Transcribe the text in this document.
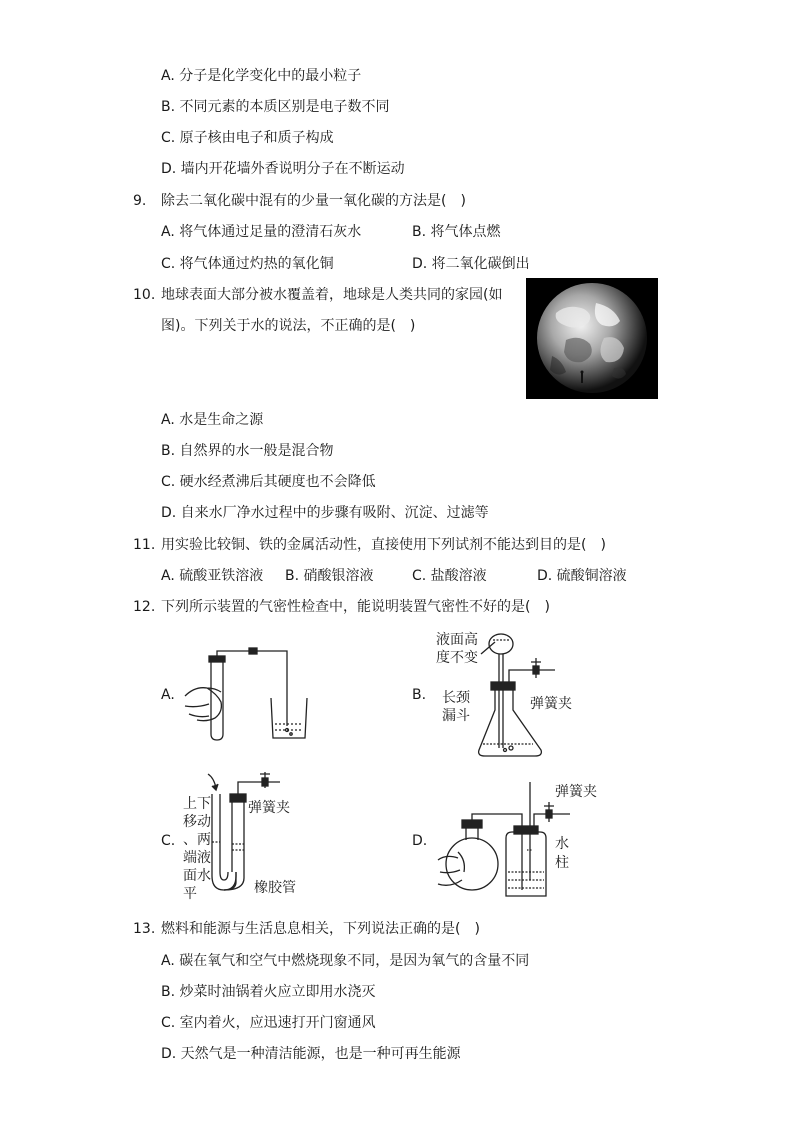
A. 分子是化学变化中的最小粒子
B. 不同元素的本质区别是电子数不同
C. 原子核由电子和质子构成
D. 墙内开花墙外香说明分子在不断运动
9. 除去二氧化碳中混有的少量一氧化碳的方法是(　)
A. 将气体通过足量的澄清石灰水	B. 将气体点燃
C. 将气体通过灼热的氧化铜	D. 将二氧化碳倒出
10. 地球表面大部分被水覆盖着，地球是人类共同的家园(如
图)。下列关于水的说法，不正确的是(　)
A. 水是生命之源
B. 自然界的水一般是混合物
C. 硬水经煮沸后其硬度也不会降低
D. 自来水厂净水过程中的步骤有吸附、沉淀、过滤等
11. 用实验比较铜、铁的金属活动性，直接使用下列试剂不能达到目的是(　)
A. 硫酸亚铁溶液 B. 硝酸银溶液	C. 盐酸溶液	D. 硫酸铜溶液
12. 下列所示装置的气密性检查中，能说明装置气密性不好的是(　)
A.	B.
液面高
度不变
长颈
漏斗
弹簧夹
C.
上下
移动
、两
端液
面水
平
弹簧夹
橡胶管
D.
弹簧夹
水
柱
13. 燃料和能源与生活息息相关，下列说法正确的是(　)
A. 碳在氧气和空气中燃烧现象不同，是因为氧气的含量不同
B. 炒菜时油锅着火应立即用水浇灭
C. 室内着火，应迅速打开门窗通风
D. 天然气是一种清洁能源，也是一种可再生能源
